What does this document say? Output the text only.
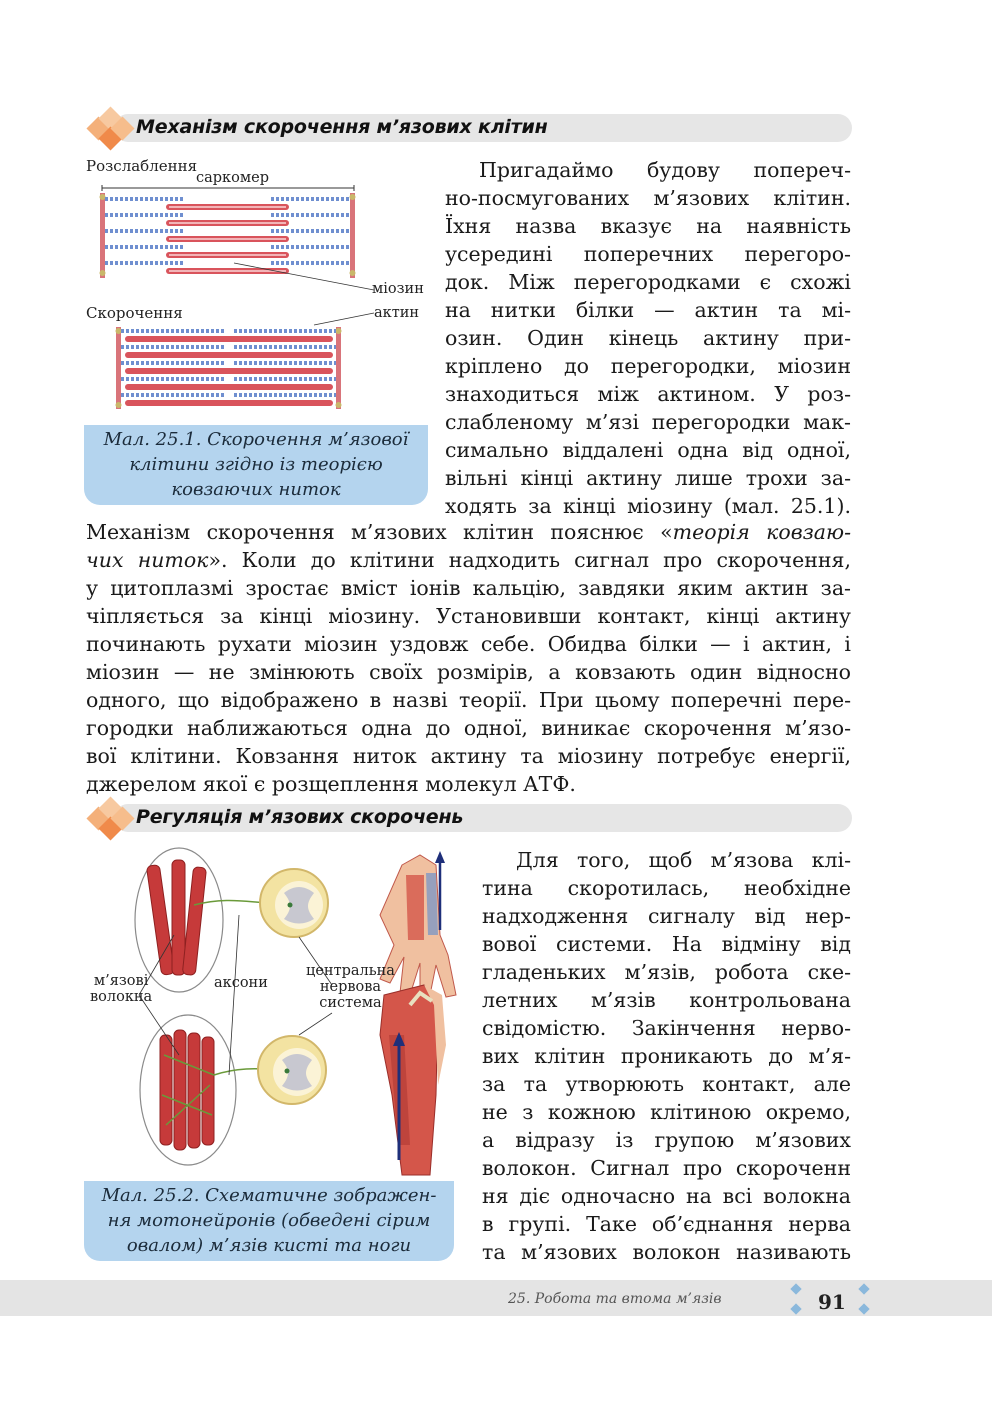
Механізм скорочення м’язових клітин
Розслаблення
саркомер
міозин
Скорочення	актин
Мал. 25.1. Скорочення м’язової
клітини згідно із теорією
ковзаючих ниток
Пригадаймо будову попереч-
но-посмугованих м’язових клітин.
Їхня назва вказує на наявність
усередині поперечних перегоро-
док. Між перегородками є схожі
на нитки білки — актин та мі-
озин. Один кінець актину при-
кріплено до перегородки, міозин
знаходиться між актином. У роз-
слабленому м’язі перегородки мак-
симально віддалені одна від одної,
вільні кінці актину лише трохи за-
ходять за кінці міозину (мал. 25.1).
Механізм скорочення м’язових клітин пояснює «теорія ковзаю-
чих ниток». Коли до клітини надходить сигнал про скорочення,
у цитоплазмі зростає вміст іонів кальцію, завдяки яким актин за-
чіпляється за кінці міозину. Установивши контакт, кінці актину
починають рухати міозин уздовж себе. Обидва білки — і актин, і
міозин — не змінюють своїх розмірів, а ковзають один відносно
одного, що відображено в назві теорії. При цьому поперечні пере-
городки наближаються одна до одної, виникає скорочення м’язо-
вої клітини. Ковзання ниток актину та міозину потребує енергії,
джерелом якої є розщеплення молекул АТФ.
Регуляція м’язових скорочень
м’язові
волокна
аксони
центральна
нервова
система
Мал. 25.2. Схематичне зображен-
ня мотонейронів (обведені сірим
овалом) м’язів кисті та ноги
Для того, щоб м’язова клі-
тина скоротилась, необхідне
надходження сигналу від нер-
вової системи. На відміну від
гладеньких м’язів, робота ске-
летних м’язів контрольована
свідомістю. Закінчення нерво-
вих клітин проникають до м’я-
за та утворюють контакт, але
не з кожною клітиною окремо,
а відразу із групою м’язових
волокон. Сигнал про скороченн
ня діє одночасно на всі волокна
в групі. Таке об’єднання нерва
та м’язових волокон називають
25. Робота та втома м’язів	91
